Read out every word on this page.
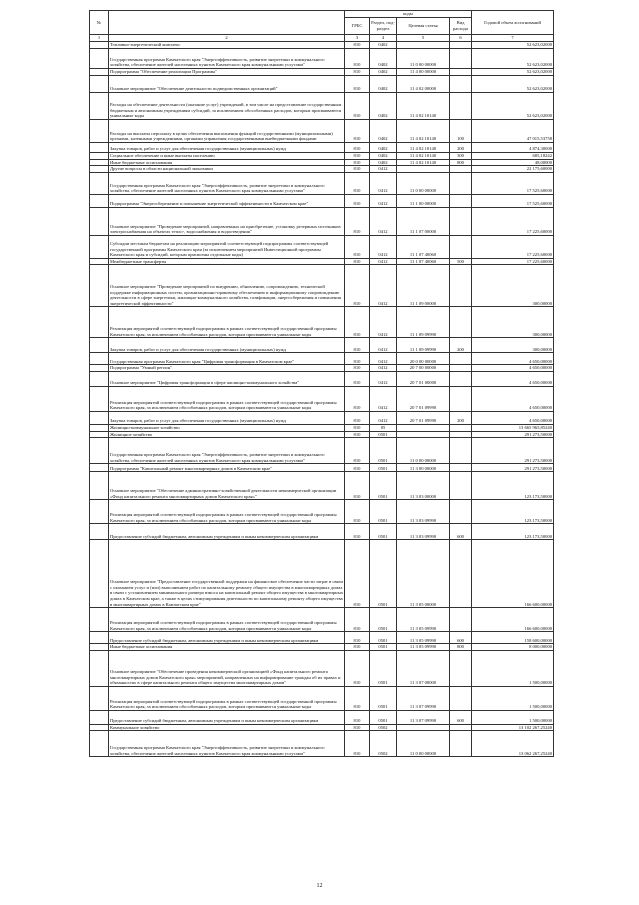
№		коды				Годовой объем ассигнований
		ГРБС	Раздел, под-раздел	Целевая статья	Вид расхода	
1	2	3	4	5	6	7
	Топливно-энергетический комплекс	810	0402			52 623,02000
	Государственная программа Камчатского края "Энергоэффективность, развитие энергетики и коммунального хозяйства, обеспечение жителей населенных пунктов Камчатского края коммунальными услугами"	810	0402	11 0 00 00000		52 623,02000
	Подпрограмма "Обеспечение реализации Программы"	810	0402	11 4 00 00000		52 623,02000
	Основное мероприятие "Обеспечение деятельности подведомственных организаций"	810	0402	11 4 02 00000		52 623,02000
	Расходы на обеспечение деятельности (оказание услуг) учреждений, в том числе на предоставление государственным бюджетным и автономным учреждениям субсидий, за исключением обособленных расходов, которым присваиваются уникальные коды	810	0402	11 4 02 10140		52 623,02000
	Расходы на выплаты персоналу в целях обеспечения выполнения функций государственными (муниципальными) органами, казенными учреждениями, органами управления государственными внебюджетными фондами	810	0402	11 4 02 10140	100	47 015,53758
	Закупка товаров, работ и услуг для обеспечения государственных (муниципальных) нужд	810	0402	11 4 02 10140	200	4 874,30000
	Социальное обеспечение и иные выплаты населению	810	0402	11 4 02 10140	300	685,18242
	Иные бюджетные ассигнования	810	0402	11 4 02 10140	800	48,00000
	Другие вопросы в области национальной экономики	810	0412			22 175,60000
	Государственная программа Камчатского края "Энергоэффективность, развитие энергетики и коммунального хозяйства, обеспечение жителей населенных пунктов Камчатского края коммунальными услугами"	810	0412	11 0 00 00000		17 525,60000
	Подпрограмма "Энергосбережение и повышение энергетической эффективности в Камчатском крае"	810	0412	11 1 00 00000		17 525,60000
	Основное мероприятие "Проведение мероприятий, направленных на приобретение, установку резервных источников электроснабжения на объектах тепло-, водоснабжения и водоотведения"	810	0412	11 1 07 00000		17 225,60000
	Субсидии местным бюджетам на реализацию мероприятий соответствующей подпрограммы соответствующей государственной программы Камчатского края (за исключением мероприятий Инвестиционной программы Камчатского края и субсидий, которым присвоены отдельные коды)	810	0412	11 1 07 40060		17 225,60000
	Межбюджетные трансферты	810	0412	11 1 07 40060	500	17 225,60000
	Основное мероприятие "Проведение мероприятий по внедрению, обновлению, сопровождению, технической поддержке информационных систем, организационно-правовому обеспечению и информационному сопровождению деятельности в сфере энергетики, жилищно-коммунального хозяйства, газификации, энергосбережения и повышения энергетической эффективности"	810	0412	11 1 09 00000		300,00000
	Реализация мероприятий соответствующей подпрограммы в рамках соответствующей государственной программы Камчатского края, за исключением обособленных расходов, которым присваиваются уникальные коды	810	0412	11 1 09 09990		300,00000
	Закупка товаров, работ и услуг для обеспечения государственных (муниципальных) нужд	810	0412	11 1 09 09990	200	300,00000
	Государственная программа Камчатского края "Цифровая трансформация в Камчатском крае"	810	0412	20 0 00 00000		4 650,00000
	Подпрограмма "Умный регион"	810	0412	20 7 00 00000		4 650,00000
	Основное мероприятие "Цифровая трансформация в сфере жилищно-коммунального хозяйства"	810	0412	20 7 01 00000		4 650,00000
	Реализация мероприятий соответствующей подпрограммы в рамках соответствующей государственной программы Камчатского края, за исключением обособленных расходов, которым присваиваются уникальные коды	810	0412	20 7 01 09990		4 650,00000
	Закупка товаров, работ и услуг для обеспечения государственных (муниципальных) нужд	810	0412	20 7 01 09990	200	4 650,00000
	Жилищно-коммунальное хозяйство	810	05			13 665 965,85240
	Жилищное хозяйство	810	0501			291 273,50000
	Государственная программа Камчатского края "Энергоэффективность, развитие энергетики и коммунального хозяйства, обеспечение жителей населенных пунктов Камчатского края коммунальными услугами"	810	0501	11 0 00 00000		291 273,50000
	Подпрограмма "Капитальный ремонт многоквартирных домов в Камчатском крае"	810	0501	11 3 00 00000		291 273,50000
	Основное мероприятие "Обеспечение административно-хозяйственной деятельности некоммерческой организации «Фонд капитального ремонта многоквартирных домов Камчатского края»"	810	0501	11 3 03 00000		123 173,50000
	Реализация мероприятий соответствующей подпрограммы в рамках соответствующей государственной программы Камчатского края, за исключением обособленных расходов, которым присваиваются уникальные коды	810	0501	11 3 03 09990		123 173,50000
	Предоставление субсидий бюджетным, автономным учреждениям и иным некоммерческим организациям	810	0501	11 3 03 09990	600	123 173,50000
	Основное мероприятие "Предоставление государственной поддержки на финансовое обеспечение части затрат в связи с оказанием услуг и (или) выполнением работ по капитальному ремонту общего имущества в многоквартирных домах в связи с установлением минимального размера взноса на капитальный ремонт общего имущества в многоквартирных домах в Камчатском крае, а также в целях стимулирования деятельности по капитальному ремонту общего имущества в многоквартирных домах в Камчатском крае"	810	0501	11 3 05 00000		166 600,00000
	Реализация мероприятий соответствующей подпрограммы в рамках соответствующей государственной программы Камчатского края, за исключением обособленных расходов, которым присваиваются уникальные коды	810	0501	11 3 05 09990		166 600,00000
	Предоставление субсидий бюджетным, автономным учреждениям и иным некоммерческим организациям	810	0501	11 3 05 09990	600	158 600,00000
	Иные бюджетные ассигнования	810	0501	11 3 05 09990	800	8 000,00000
	Основное мероприятие "Обеспечение проведения некоммерческой организацией «Фонд капитального ремонта многоквартирных домов Камчатского края» мероприятий, направленных на информирование граждан об их правах и обязанностях в сфере капитального ремонта общего имущества многоквартирных домов"	810	0501	11 3 07 00000		1 500,00000
	Реализация мероприятий соответствующей подпрограммы в рамках соответствующей государственной программы Камчатского края, за исключением обособленных расходов, которым присваиваются уникальные коды	810	0501	11 3 07 09990		1 500,00000
	Предоставление субсидий бюджетным, автономным учреждениям и иным некоммерческим организациям	810	0501	11 3 07 09990	600	1 500,00000
	Коммунальное хозяйство	810	0502			13 102 267,25240
	Государственная программа Камчатского края "Энергоэффективность, развитие энергетики и коммунального хозяйства, обеспечение жителей населенных пунктов Камчатского края коммунальными услугами"	810	0502	11 0 00 00000		13 062 267,25240
12
